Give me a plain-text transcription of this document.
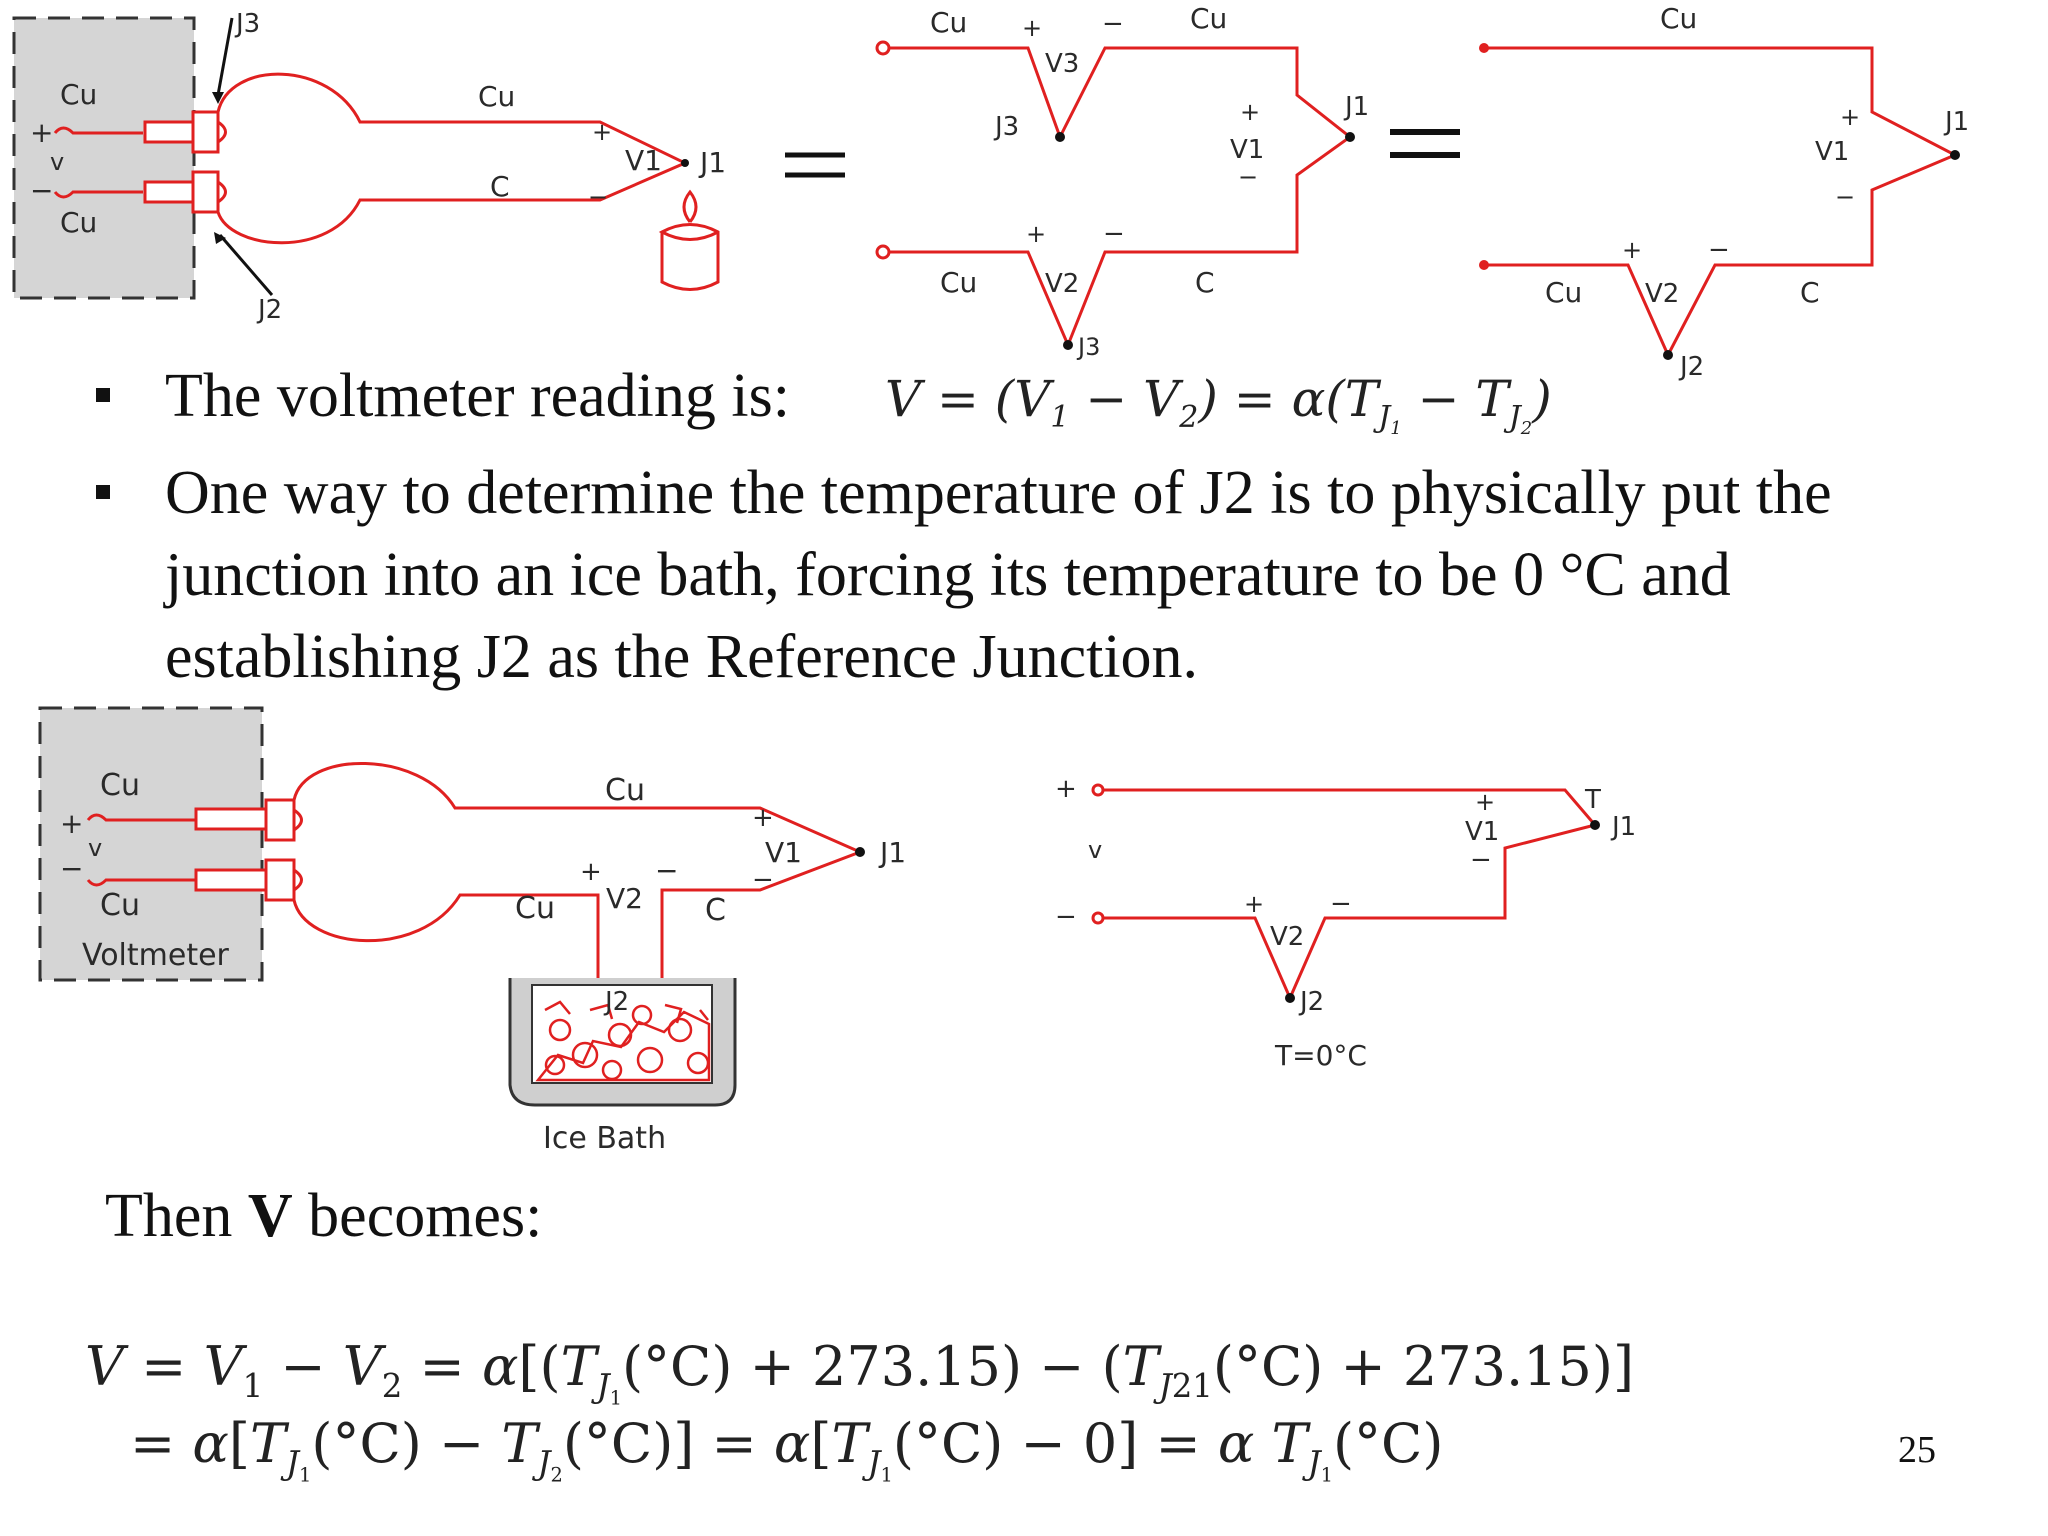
J3
J2
Cu
Cu
+
v
−
Cu
C
+
−
V1 J1
Cu + − Cu
V3
J3	+
V1
−
J1
+ −
Cu	V2	C
J3
Cu
+
V1
−
J1
+	−
Cu V2	C
J2
Cu
+
v
−
Cu
Voltmeter
Cu
+
V1
−
J1
+ −
V2
Cu	C
J2
Ice Bath
+
v
−
+
V1
−
T
J1
+	−
V2
J2
T=0°C
The voltmeter reading is: $V = (V_1 - V_2) = \alpha(T_{J_1} - T_{J_2})$
One way to determine the temperature of J2 is to physically put the junction into an ice bath, forcing its temperature to be 0 °C and establishing J2 as the Reference Junction.
Then V becomes:
$V = V_1 - V_2 = \alpha[(T_{J_1}(^\circ C) + 273.15) - (T_{J21}(^\circ C) + 273.15)]$
= $\alpha[T_{J_1}(^\circ C) - T_{J_2}(^\circ C)] = \alpha[T_{J_1}(^\circ C) - 0] = \alpha$ $T_{J_1}(^\circ C)$	25
